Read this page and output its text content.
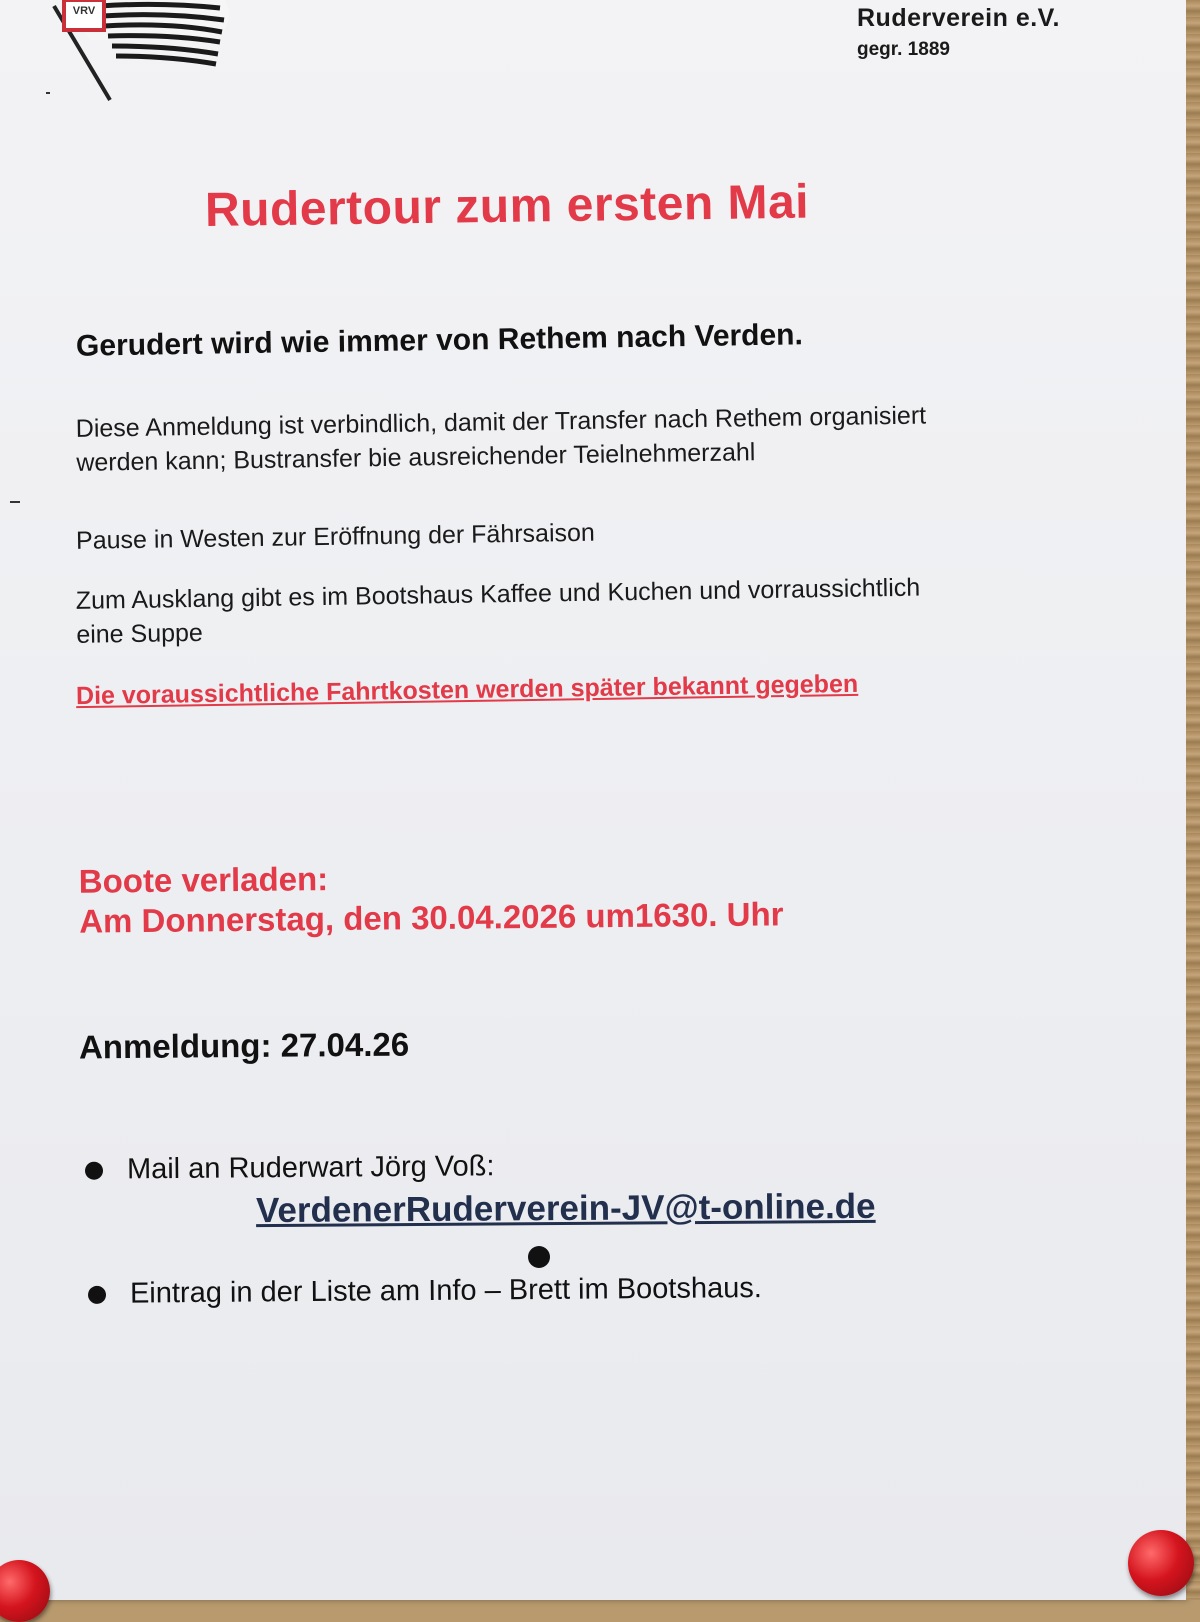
VRV	Ruderverein e.V.
gegr. 1889
Rudertour zum ersten Mai
Gerudert wird wie immer von Rethem nach Verden.
Diese Anmeldung ist verbindlich, damit der Transfer nach Rethem organisiert
werden kann; Bustransfer bie ausreichender Teielnehmerzahl
Pause in Westen zur Eröffnung der Fährsaison
Zum Ausklang gibt es im Bootshaus Kaffee und Kuchen und vorraussichtlich
eine Suppe
Die voraussichtliche Fahrtkosten werden später bekannt gegeben
Boote verladen:
Am Donnerstag, den 30.04.2026 um1630. Uhr
Anmeldung: 27.04.26
Mail an Ruderwart Jörg Voß:
VerdenerRuderverein-JV@t-online.de
Eintrag in der Liste am Info – Brett im Bootshaus.
